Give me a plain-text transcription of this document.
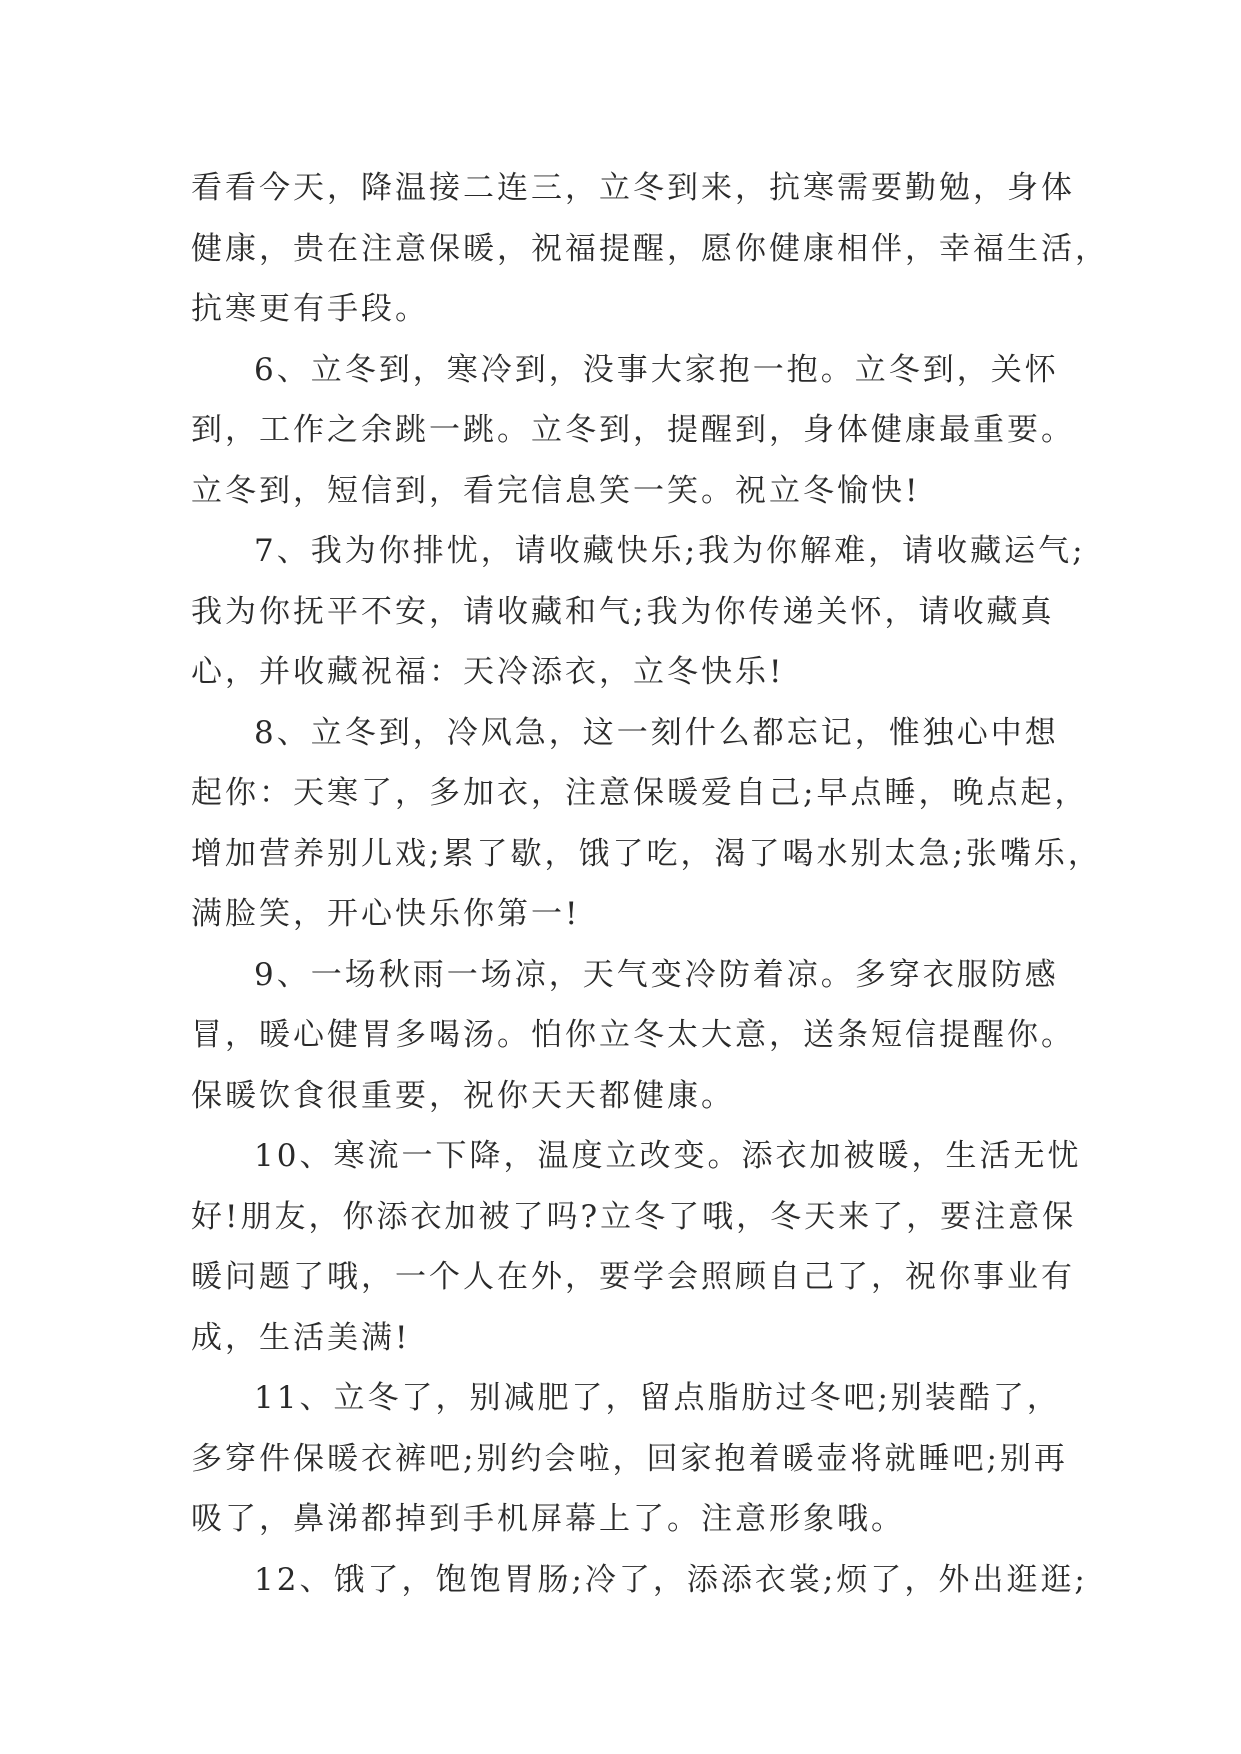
看看今天，降温接二连三，立冬到来，抗寒需要勤勉，身体
健康，贵在注意保暖，祝福提醒，愿你健康相伴，幸福生活，
抗寒更有手段。
6、立冬到，寒冷到，没事大家抱一抱。立冬到，关怀
到，工作之余跳一跳。立冬到，提醒到，身体健康最重要。
立冬到，短信到，看完信息笑一笑。祝立冬愉快!
7、我为你排忧，请收藏快乐;我为你解难，请收藏运气;
我为你抚平不安，请收藏和气;我为你传递关怀，请收藏真
心，并收藏祝福：天冷添衣，立冬快乐!
8、立冬到，冷风急，这一刻什么都忘记，惟独心中想
起你：天寒了，多加衣，注意保暖爱自己;早点睡，晚点起，
增加营养别儿戏;累了歇，饿了吃，渴了喝水别太急;张嘴乐，
满脸笑，开心快乐你第一!
9、一场秋雨一场凉，天气变冷防着凉。多穿衣服防感
冒，暖心健胃多喝汤。怕你立冬太大意，送条短信提醒你。
保暖饮食很重要，祝你天天都健康。
10、寒流一下降，温度立改变。添衣加被暖，生活无忧
好!朋友，你添衣加被了吗?立冬了哦，冬天来了，要注意保
暖问题了哦，一个人在外，要学会照顾自己了，祝你事业有
成，生活美满!
11、立冬了，别减肥了，留点脂肪过冬吧;别装酷了，
多穿件保暖衣裤吧;别约会啦，回家抱着暖壶将就睡吧;别再
吸了，鼻涕都掉到手机屏幕上了。注意形象哦。
12、饿了，饱饱胃肠;冷了，添添衣裳;烦了，外出逛逛;
